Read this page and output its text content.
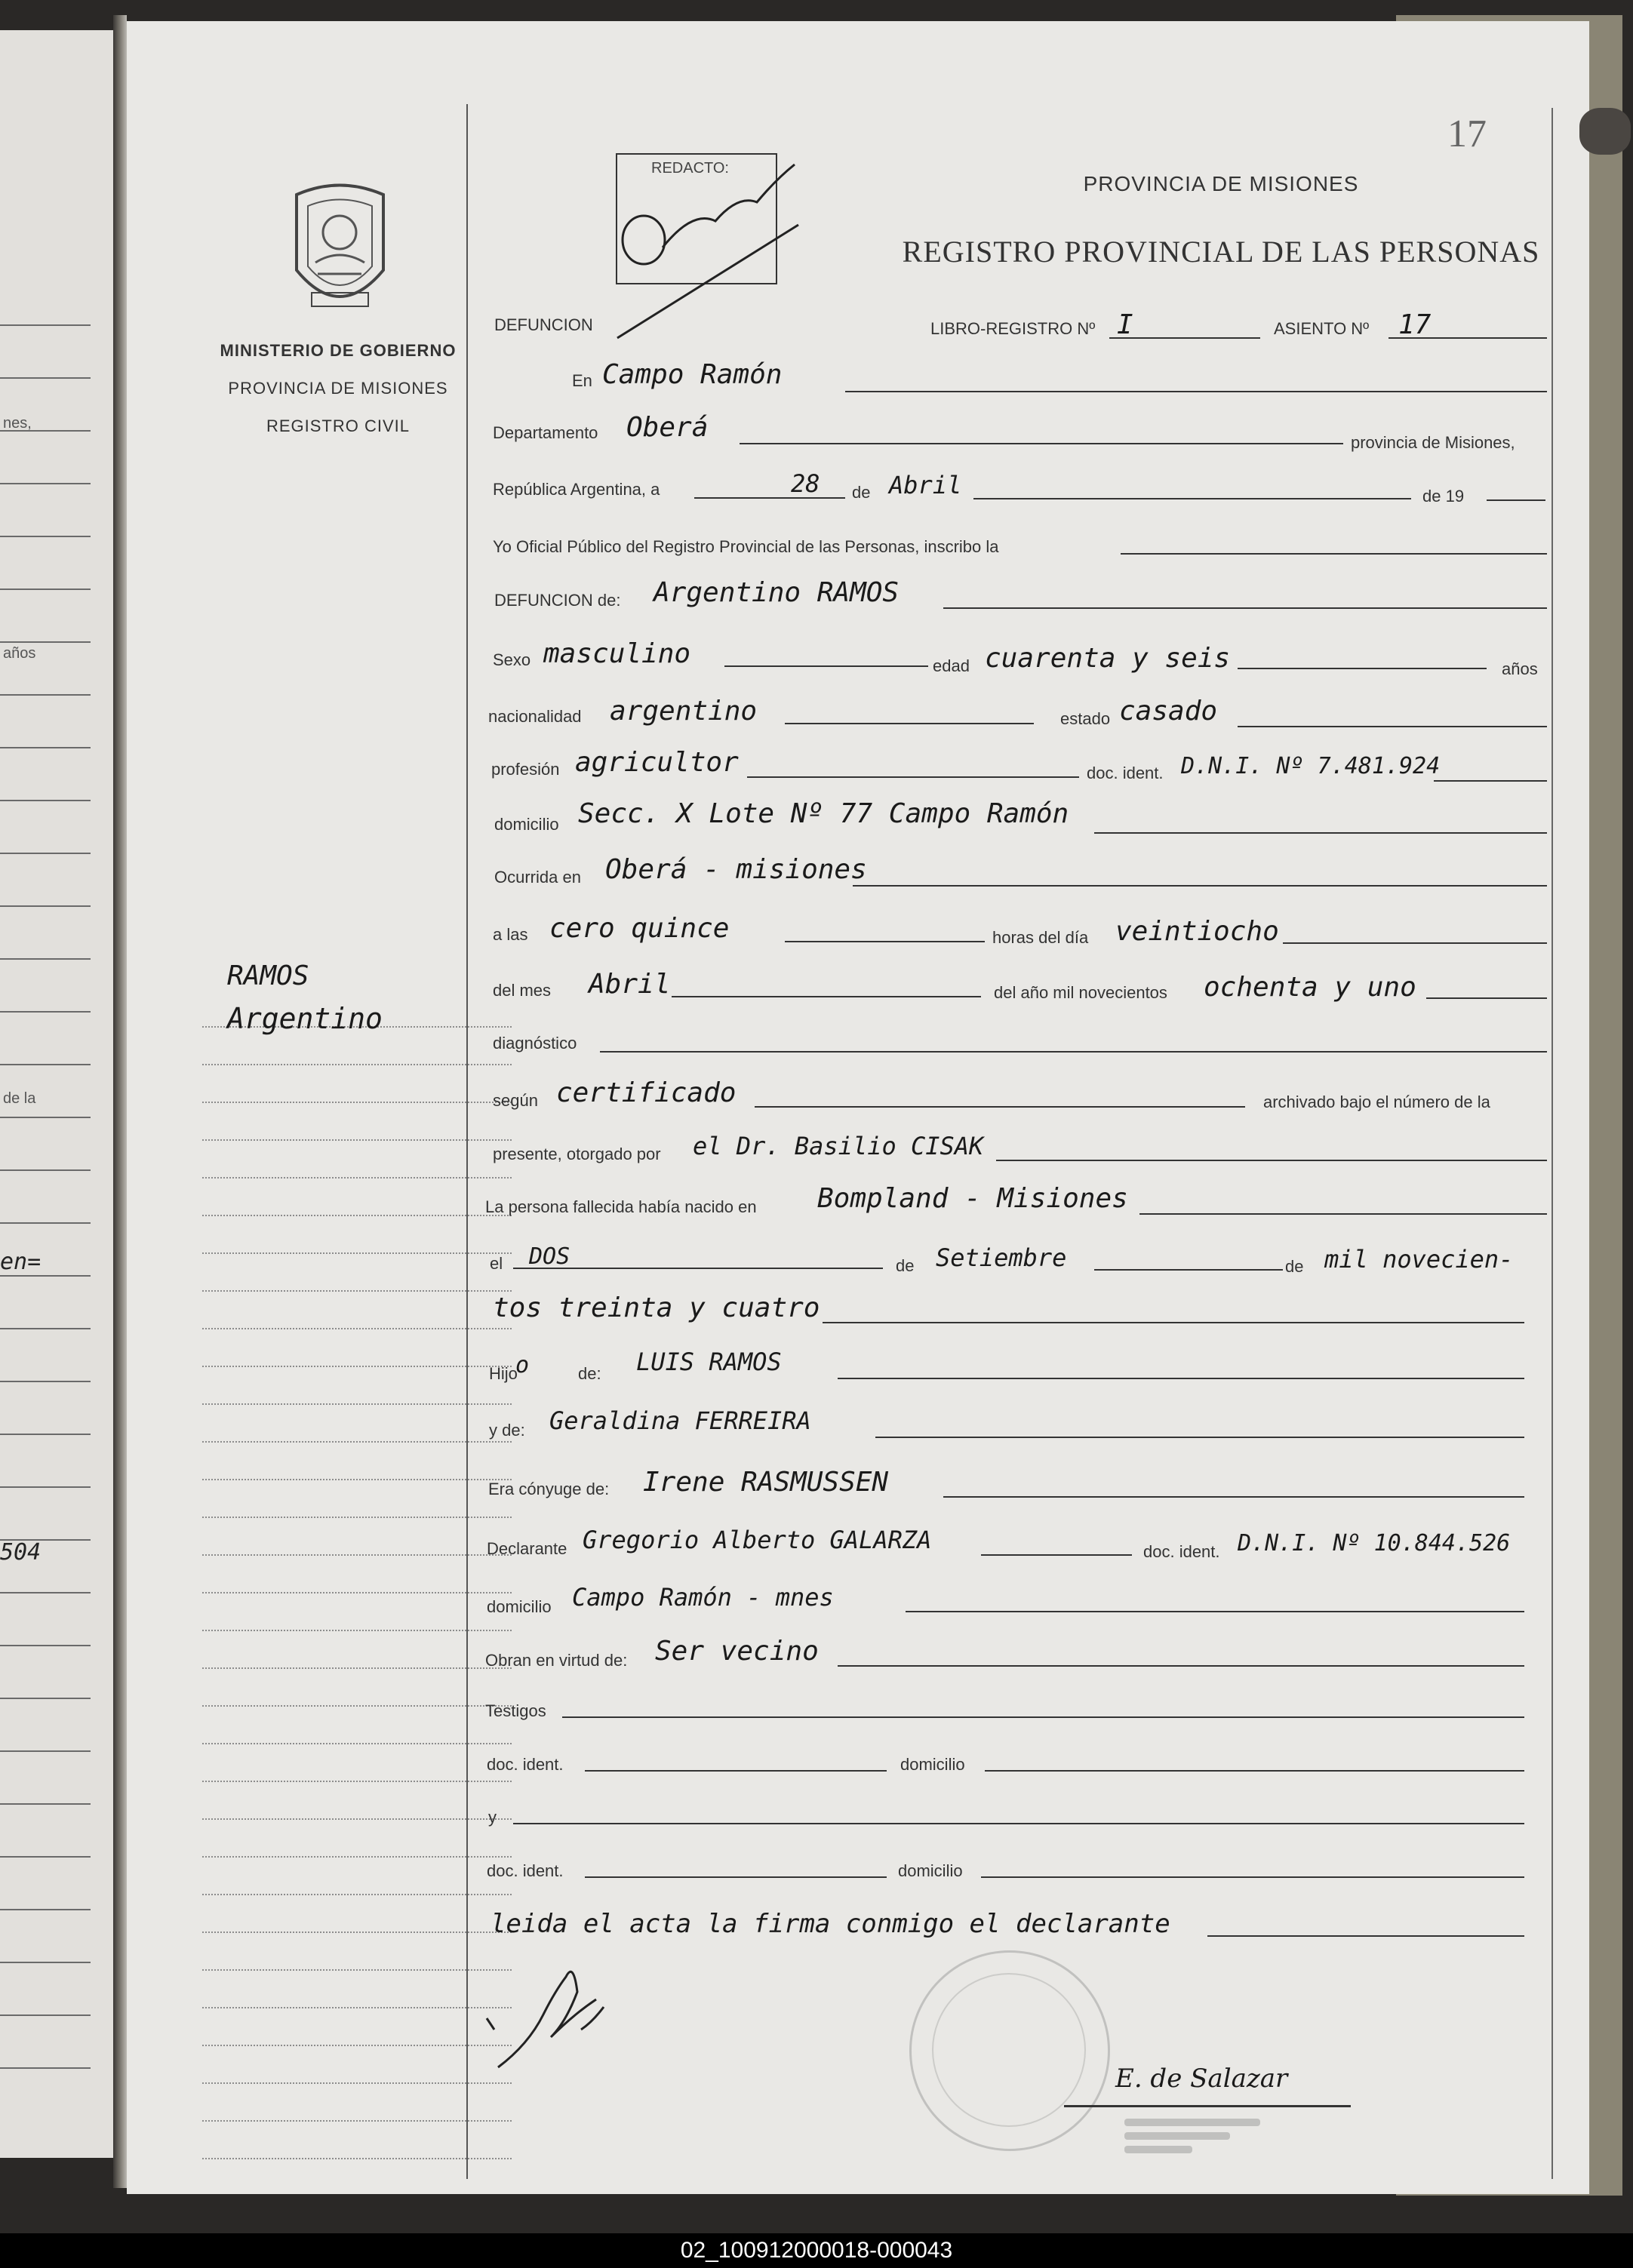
nes,
años
de la
en=
504
MINISTERIO DE GOBIERNO
PROVINCIA DE MISIONES
REGISTRO CIVIL
RAMOS
Argentino
REDACTO:
17
PROVINCIA DE MISIONES
REGISTRO PROVINCIAL DE LAS PERSONAS
DEFUNCION	LIBRO-REGISTRO Nº I	ASIENTO Nº 17
En Campo Ramón
Departamento Oberá	provincia de Misiones,
República Argentina, a	28 de Abril	de 19
Yo Oficial Público del Registro Provincial de las Personas, inscribo la
DEFUNCION de: Argentino RAMOS
Sexo masculino	edad cuarenta y seis	años
nacionalidad argentino	estado casado
profesión agricultor	doc. ident. D.N.I. Nº 7.481.924
domicilio Secc. X Lote Nº 77 Campo Ramón
Ocurrida en Oberá - misiones
a las cero quince	horas del día veintiocho
del mes Abril	del año mil novecientos ochenta y uno
diagnóstico
según certificado	archivado bajo el número de la
presente, otorgado por el Dr. Basilio CISAK
La persona fallecida había nacido en Bompland - Misiones
el DOS	de Setiembre	de mil novecien-
tos treinta y cuatro
Hijo
o	de: LUIS RAMOS
y de: Geraldina FERREIRA
Era cónyuge de: Irene RASMUSSEN
Declarante Gregorio Alberto GALARZA	doc. ident. D.N.I. Nº 10.844.526
domicilio Campo Ramón - mnes
Obran en virtud de: Ser vecino
Testigos
doc. ident.	domicilio
y
doc. ident.	domicilio
leida el acta la firma conmigo el declarante
E. de Salazar
02_100912000018-000043
